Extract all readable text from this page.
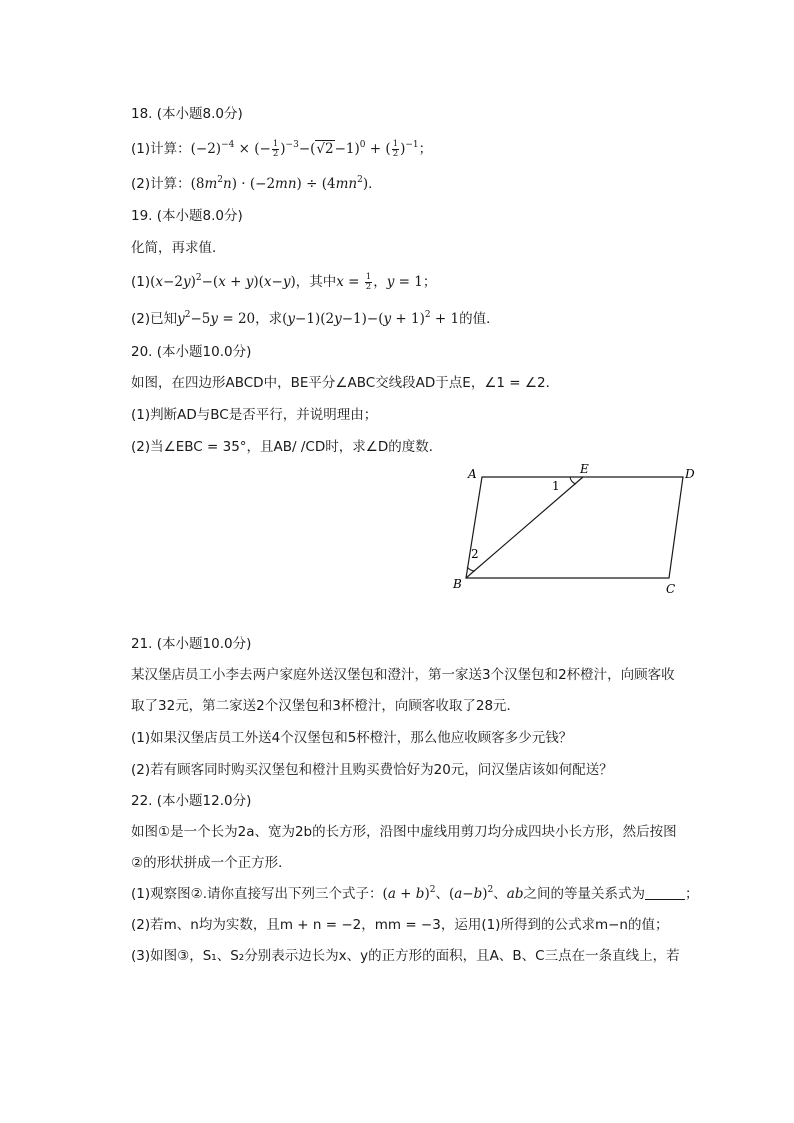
18. (本小题8.0分)
(1)计算：$(-2)^{-4}$ × (− $\frac{1}{2} )^{-3}-(√2-1)^0$ + ( $\frac{1}{2} )^{-1}$；
(2)计算：$(8m^2n) \cdot (-2mn) \div (4mn^2)$.
19. (本小题8.0分)
化简，再求值．
$(1)(x-2y)^2-(x + y)(x-y)$，其中$x = \frac{1}{2}$ ，y = 1；
(2)已知$y^2-5y = 20$，求$(y-1)(2y-1)-(y + 1)^2 + 1$的值．
20. (本小题10.0分)
如图，在四边形ABCD中，BE平分∠ABC交线段AD于点E，∠1 = ∠2．
(1)判断AD与BC是否平行，并说明理由；
(2)当∠EBC = 35°，且AB/ /CD时，求∠D的度数．
A	E	D
B	C
1
2
21. (本小题10.0分)
某汉堡店员工小李去两户家庭外送汉堡包和澄汁，第一家送3个汉堡包和2杯橙汁，向顾客收
取了32元，第二家送2个汉堡包和3杯橙汁，向顾客收取了28元．
(1)如果汉堡店员工外送4个汉堡包和5杯橙汁，那么他应收顾客多少元钱？
(2)若有顾客同时购买汉堡包和橙汁且购买费恰好为20元，问汉堡店该如何配送？
22. (本小题12.0分)
如图①是一个长为2a、宽为2b的长方形，沿图中虚线用剪刀均分成四块小长方形，然后按图
②的形状拼成一个正方形．
(1)观察图②.请你直接写出下列三个式子：$(a + b)^2$、$(a-b)^2$、ab之间的等量关系式为	；
(2)若m、n均为实数，且m + n = −2，mm = −3，运用(1)所得到的公式求m−n的值；
(3)如图③，S₁、S₂分别表示边长为x、y的正方形的面积，且A、B、C三点在一条直线上，若
